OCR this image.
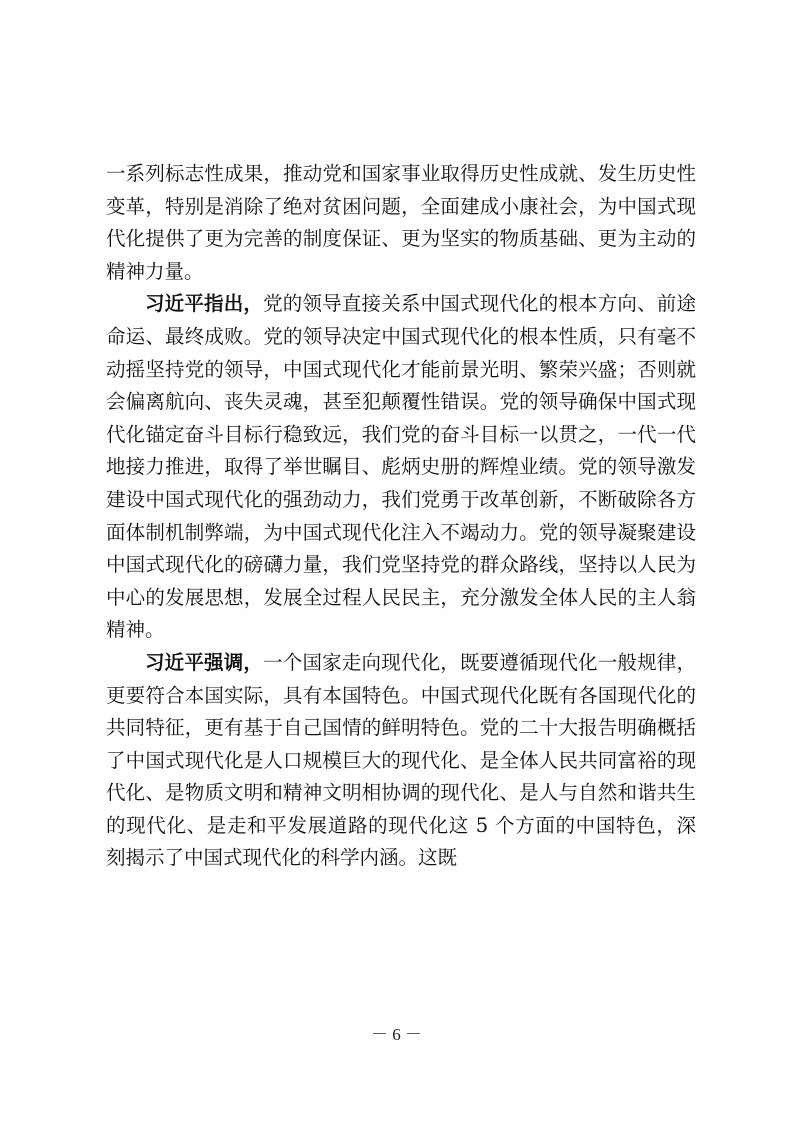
一系列标志性成果，推动党和国家事业取得历史性成就、发生历史性变革，特别是消除了绝对贫困问题，全面建成小康社会，为中国式现代化提供了更为完善的制度保证、更为坚实的物质基础、更为主动的精神力量。

习近平指出，党的领导直接关系中国式现代化的根本方向、前途命运、最终成败。党的领导决定中国式现代化的根本性质，只有毫不动摇坚持党的领导，中国式现代化才能前景光明、繁荣兴盛；否则就会偏离航向、丧失灵魂，甚至犯颠覆性错误。党的领导确保中国式现代化锚定奋斗目标行稳致远，我们党的奋斗目标一以贯之，一代一代地接力推进，取得了举世瞩目、彪炳史册的辉煌业绩。党的领导激发建设中国式现代化的强劲动力，我们党勇于改革创新，不断破除各方面体制机制弊端，为中国式现代化注入不竭动力。党的领导凝聚建设中国式现代化的磅礴力量，我们党坚持党的群众路线，坚持以人民为中心的发展思想，发展全过程人民民主，充分激发全体人民的主人翁精神。

习近平强调，一个国家走向现代化，既要遵循现代化一般规律，更要符合本国实际，具有本国特色。中国式现代化既有各国现代化的共同特征，更有基于自己国情的鲜明特色。党的二十大报告明确概括了中国式现代化是人口规模巨大的现代化、是全体人民共同富裕的现代化、是物质文明和精神文明相协调的现代化、是人与自然和谐共生的现代化、是走和平发展道路的现代化这 5 个方面的中国特色，深刻揭示了中国式现代化的科学内涵。这既

－ 6 －
